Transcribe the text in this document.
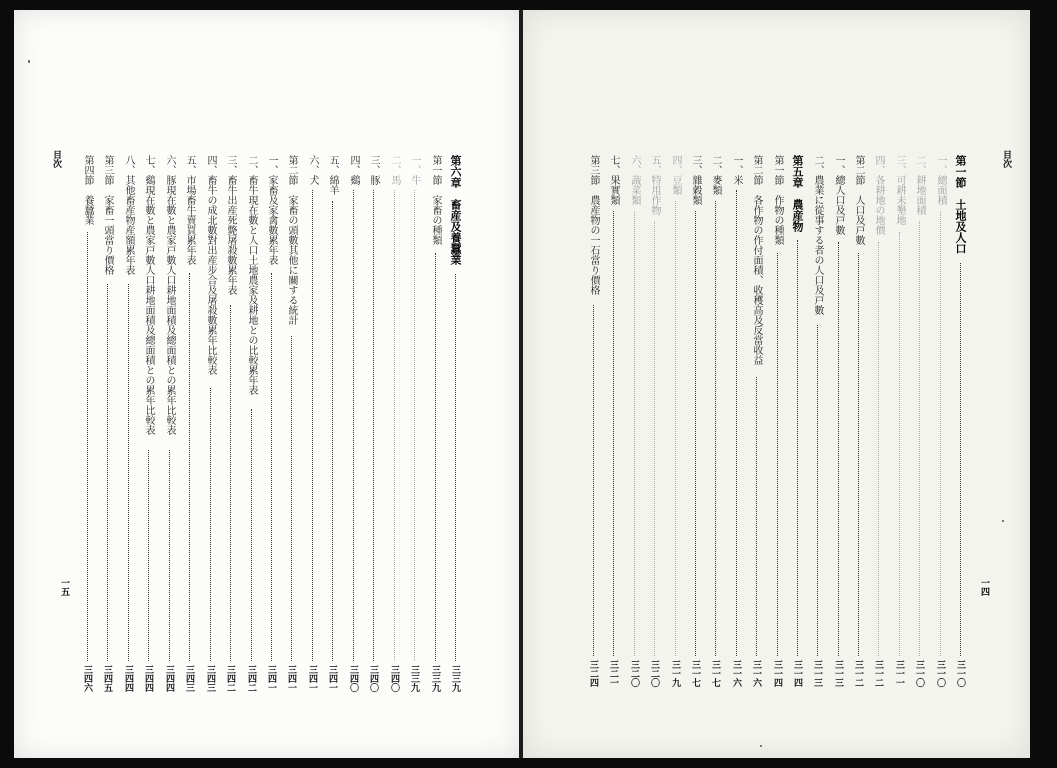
目次
一五
目次
一四
第六章　畜産及養蠶業
三三九
第一節　家畜の種類
三三九
一、牛
三三九
二、馬
三四〇
三、豚
三四〇
四、鷄
三四〇
五、綿羊
三四一
六、犬
三四一
第二節　家畜の頭數其他に關する統計
三四一
一、家畜及家禽數累年表
三四一
二、畜牛現在數と人口土地農家及耕地との比較累年表
三四二
三、畜牛出産死斃屠殺數累年表
三四二
四、畜牛の成北數對出産步合及屠殺數累年比較表
三四三
五、市場畜牛賣買累年表
三四三
六、豚現在數と農家戸數人口耕地面積及總面積との累年比較表
三四四
七、鷄現在數と農家戸數人口耕地面積及總面積との累年比較表
三四四
八、其他畜産物産額累年表
三四四
第三節　家畜一頭當り價格
三四五
第四節　養蠶業
三四六
第一節　土地及人口
三一〇
一、總面積
三一〇
二、耕地面積
三一〇
三、可耕未墾地
三一一
四、各耕地の地價
三一二
第二節　人口及戸數
三一二
一、總人口及戸數
三一三
二、農業に從事する者の人口及戸數
三一三
第五章　農産物
三一四
第一節　作物の種類
三一四
第二節　各作物の作付面積、收穫高及反當收益
三一六
一、米
三一六
二、麥類
三一七
三、雜穀類
三一七
四、豆類
三一九
五、特用作物
三二〇
六、蔬菜類
三二〇
七、果實類
三二一
第三節　農産物の一石當り價格
三二四
